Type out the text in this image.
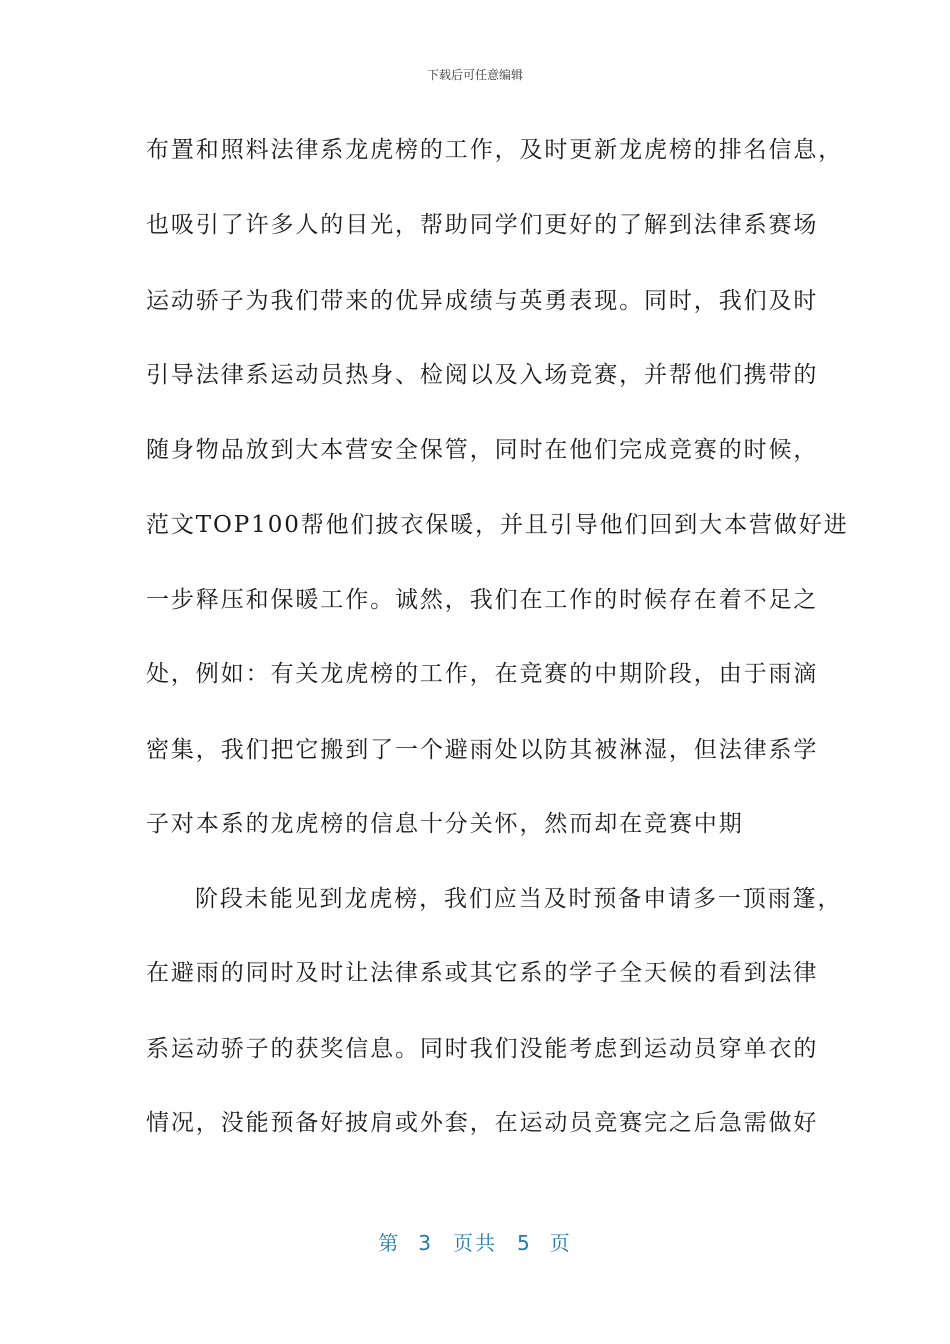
下载后可任意编辑
布置和照料法律系龙虎榜的工作，及时更新龙虎榜的排名信息，
也吸引了许多人的目光，帮助同学们更好的了解到法律系赛场
运动骄子为我们带来的优异成绩与英勇表现。同时，我们及时
引导法律系运动员热身、检阅以及入场竞赛，并帮他们携带的
随身物品放到大本营安全保管，同时在他们完成竞赛的时候，
范文TOP100帮他们披衣保暖，并且引导他们回到大本营做好进
一步释压和保暖工作。诚然，我们在工作的时候存在着不足之
处，例如：有关龙虎榜的工作，在竞赛的中期阶段，由于雨滴
密集，我们把它搬到了一个避雨处以防其被淋湿，但法律系学
子对本系的龙虎榜的信息十分关怀，然而却在竞赛中期
阶段未能见到龙虎榜，我们应当及时预备申请多一顶雨篷，
在避雨的同时及时让法律系或其它系的学子全天候的看到法律
系运动骄子的获奖信息。同时我们没能考虑到运动员穿单衣的
情况，没能预备好披肩或外套，在运动员竞赛完之后急需做好
第 3 页共 5 页
